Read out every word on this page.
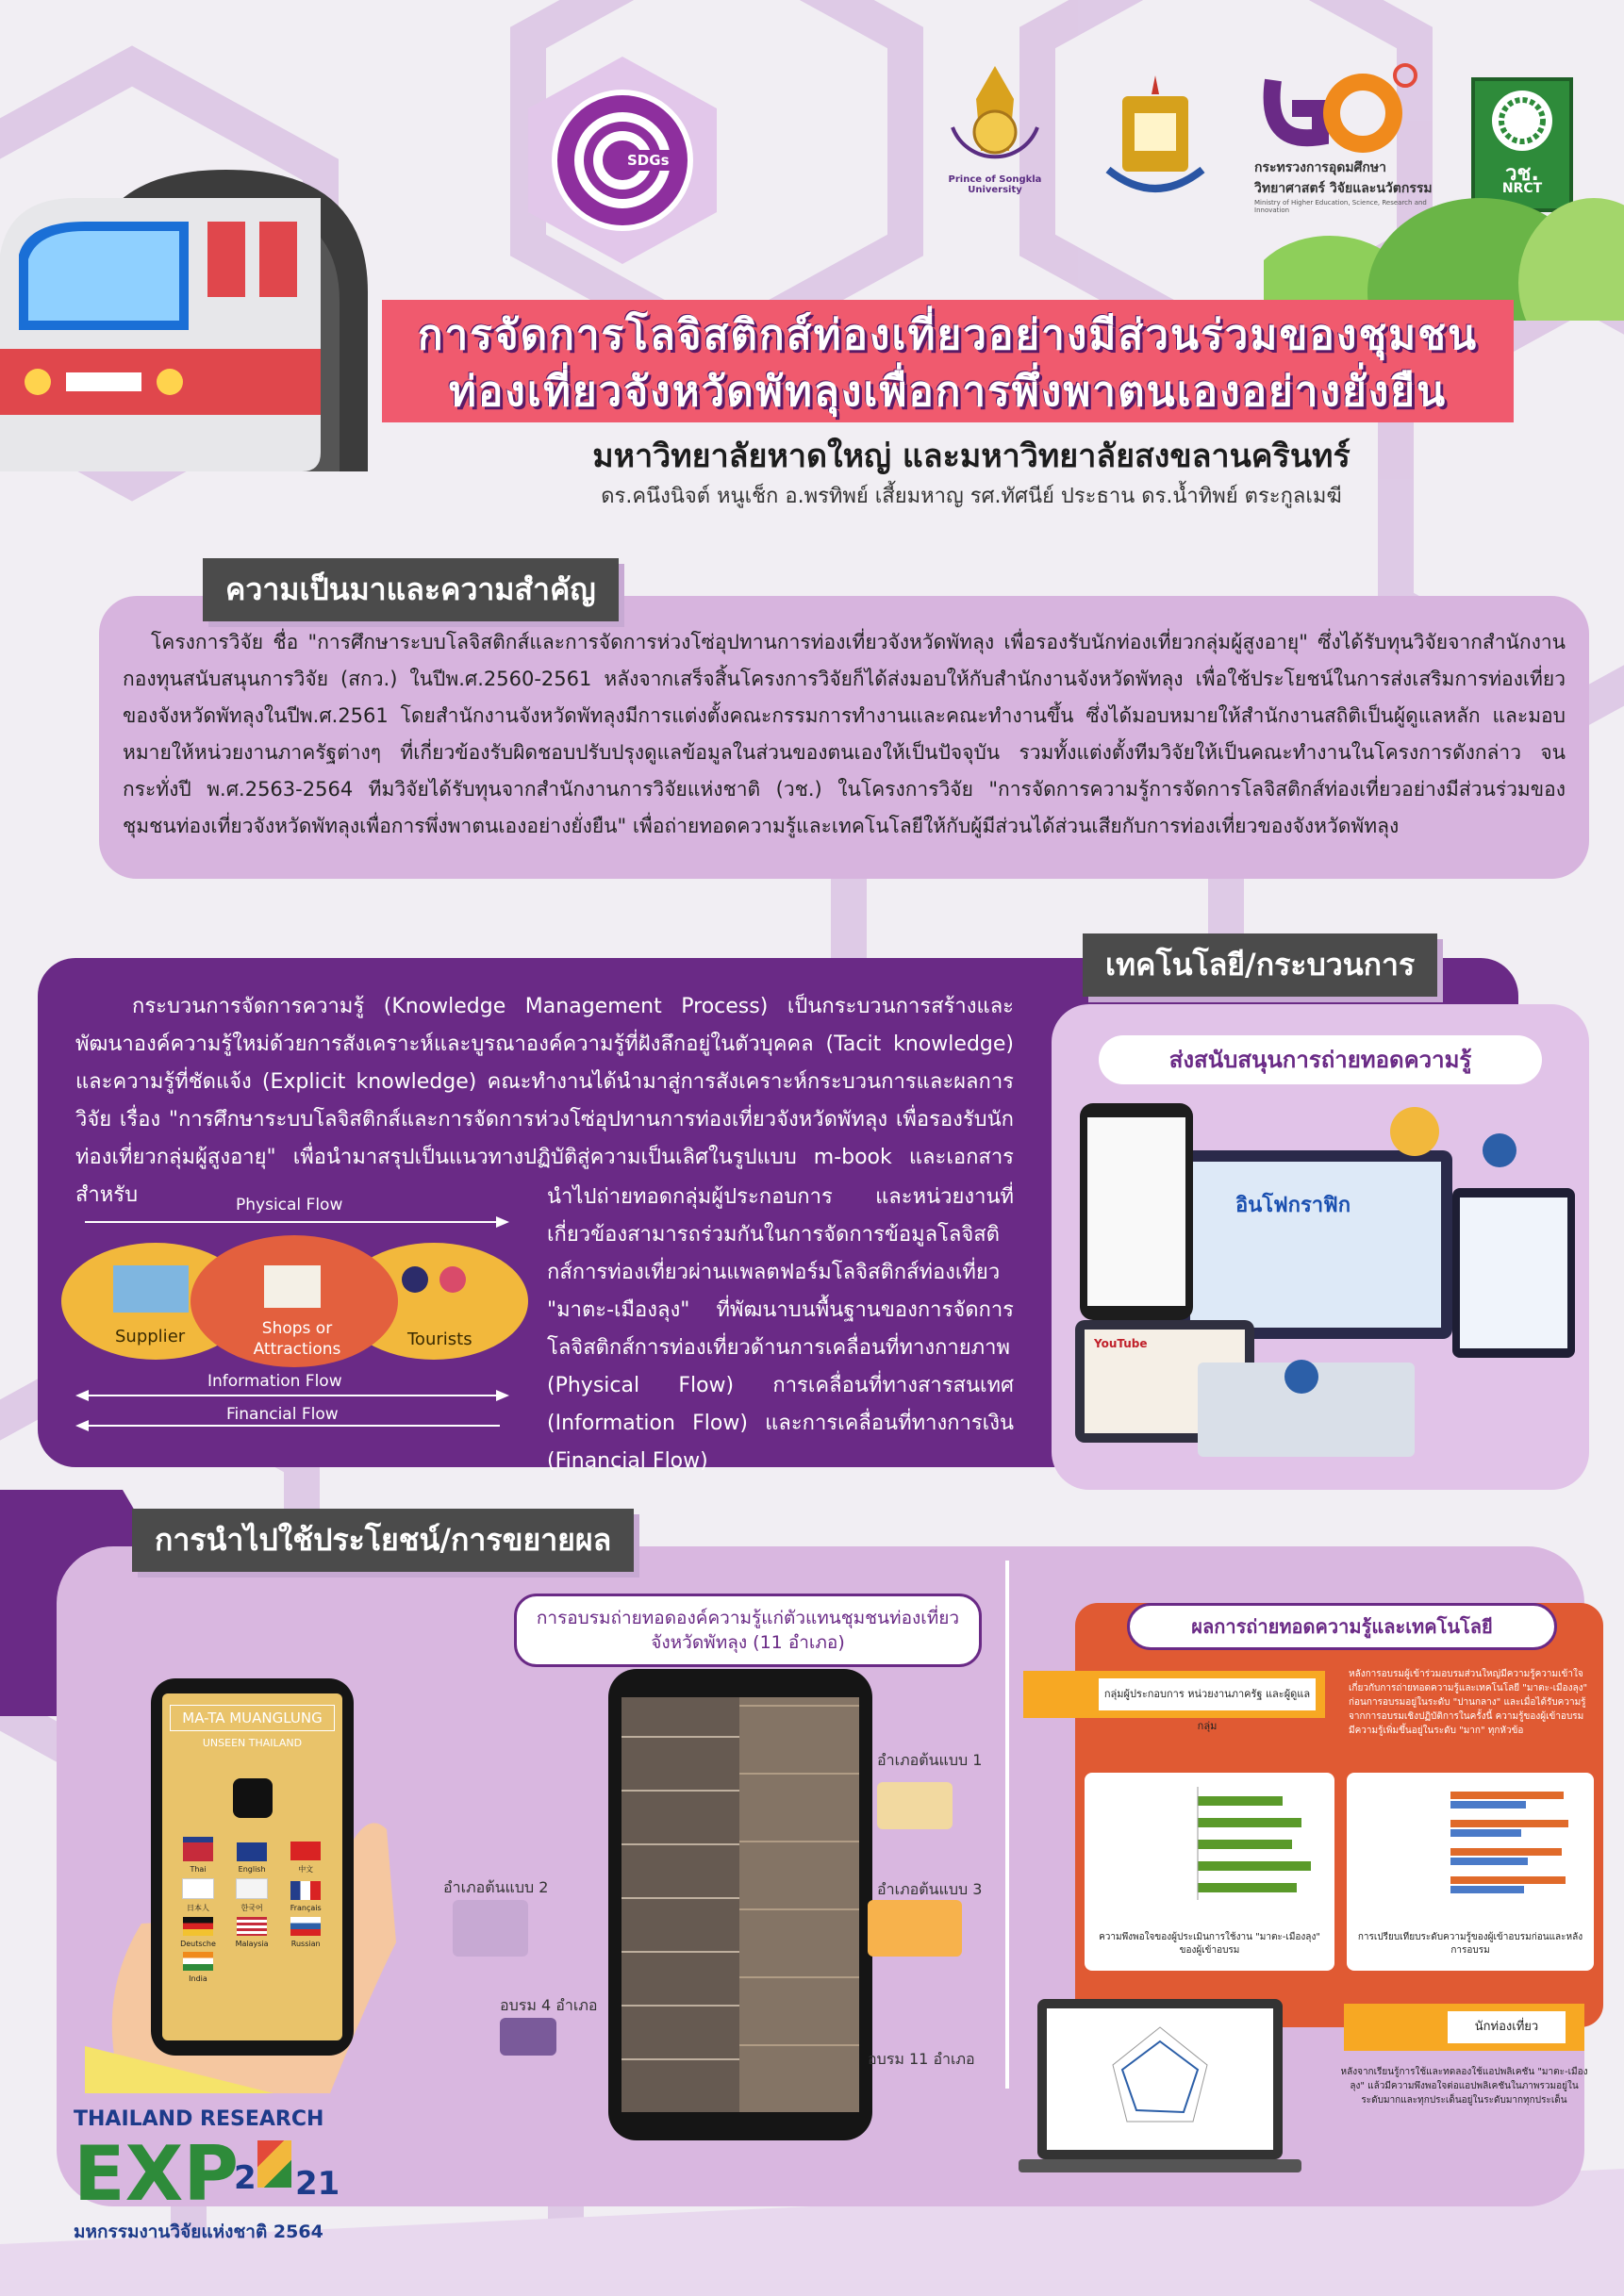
SDGs
Prince of Songkla University
กระทรวงการอุดมศึกษา
วิทยาศาสตร์ วิจัยและนวัตกรรม
Ministry of Higher Education, Science, Research and Innovation
วช.
NRCT
การจัดการโลจิสติกส์ท่องเที่ยวอย่างมีส่วนร่วมของชุมชน
ท่องเที่ยวจังหวัดพัทลุงเพื่อการพึ่งพาตนเองอย่างยั่งยืน
มหาวิทยาลัยหาดใหญ่ และมหาวิทยาลัยสงขลานครินทร์
ดร.คนึงนิจต์ หนูเช็ก อ.พรทิพย์ เสี้ยมหาญ รศ.ทัศนีย์ ประธาน ดร.น้ำทิพย์ ตระกูลเมฆี
ความเป็นมาและความสำคัญ
โครงการวิจัย ชื่อ "การศึกษาระบบโลจิสติกส์และการจัดการห่วงโซ่อุปทานการท่องเที่ยวจังหวัดพัทลุง เพื่อรองรับนักท่องเที่ยวกลุ่มผู้สูงอายุ" ซึ่งได้รับทุนวิจัยจากสำนักงานกองทุนสนับสนุนการวิจัย (สกว.) ในปีพ.ศ.2560-2561 หลังจากเสร็จสิ้นโครงการวิจัยก็ได้ส่งมอบให้กับสำนักงานจังหวัดพัทลุง เพื่อใช้ประโยชน์ในการส่งเสริมการท่องเที่ยวของจังหวัดพัทลุงในปีพ.ศ.2561 โดยสำนักงานจังหวัดพัทลุงมีการแต่งตั้งคณะกรรมการทำงานและคณะทำงานขึ้น ซึ่งได้มอบหมายให้สำนักงานสถิติเป็นผู้ดูแลหลัก และมอบหมายให้หน่วยงานภาครัฐต่างๆ ที่เกี่ยวข้องรับผิดชอบปรับปรุงดูแลข้อมูลในส่วนของตนเองให้เป็นปัจจุบัน รวมทั้งแต่งตั้งทีมวิจัยให้เป็นคณะทำงานในโครงการดังกล่าว จนกระทั่งปี พ.ศ.2563-2564 ทีมวิจัยได้รับทุนจากสำนักงานการวิจัยแห่งชาติ (วช.) ในโครงการวิจัย "การจัดการความรู้การจัดการโลจิสติกส์ท่องเที่ยวอย่างมีส่วนร่วมของชุมชนท่องเที่ยวจังหวัดพัทลุงเพื่อการพึ่งพาตนเองอย่างยั่งยืน" เพื่อถ่ายทอดความรู้และเทคโนโลยีให้กับผู้มีส่วนได้ส่วนเสียกับการท่องเที่ยวของจังหวัดพัทลุง
เทคโนโลยี/กระบวนการ
กระบวนการจัดการความรู้ (Knowledge Management Process) เป็นกระบวนการสร้างและพัฒนาองค์ความรู้ใหม่ด้วยการสังเคราะห์และบูรณาองค์ความรู้ที่ฝังลึกอยู่ในตัวบุคคล (Tacit knowledge) และความรู้ที่ชัดแจ้ง (Explicit knowledge) คณะทำงานได้นำมาสู่การสังเคราะห์กระบวนการและผลการวิจัย เรื่อง "การศึกษาระบบโลจิสติกส์และการจัดการห่วงโซ่อุปทานการท่องเที่ยวจังหวัดพัทลุง เพื่อรองรับนักท่องเที่ยวกลุ่มผู้สูงอายุ" เพื่อนำมาสรุปเป็นแนวทางปฏิบัติสู่ความเป็นเลิศในรูปแบบ m-book และเอกสารสำหรับ	นำไปถ่ายทอดกลุ่มผู้ประกอบการ และหน่วยงานที่เกี่ยวข้องสามารถร่วมกันในการจัดการข้อมูลโลจิสติกส์การท่องเที่ยวผ่านแพลตฟอร์มโลจิสติกส์ท่องเที่ยว "มาตะ-เมืองลุง" ที่พัฒนาบนพื้นฐานของการจัดการโลจิสติกส์การท่องเที่ยวด้านการเคลื่อนที่ทางกายภาพ (Physical Flow) การเคลื่อนที่ทางสารสนเทศ (Information Flow) และการเคลื่อนที่ทางการเงิน (Financial Flow)
Physical Flow
Supplier	Shops or Attractions	Tourists
Information Flow
Financial Flow
ส่งสนับสนุนการถ่ายทอดความรู้
อินโฟกราฟิก
YouTube
การนำไปใช้ประโยชน์/การขยายผล
MA-TA MUANGLUNG
UNSEEN THAILAND
Thai
	English
	中文

日本人
	한국어
	Français

Deutsche
	Malaysia
	Russian

India
การอบรมถ่ายทอดองค์ความรู้แก่ตัวแทนชุมชนท่องเที่ยวจังหวัดพัทลุง (11 อำเภอ)
อำเภอต้นแบบ 1
อำเภอต้นแบบ 2	อำเภอต้นแบบ 3
อบรม 4 อำเภอ
อบรม 11 อำเภอ
ผลการถ่ายทอดความรู้และเทคโนโลยี
กลุ่มผู้ประกอบการ หน่วยงานภาครัฐ และผู้ดูแลกลุ่ม
หลังการอบรมผู้เข้าร่วมอบรมส่วนใหญ่มีความรู้ความเข้าใจเกี่ยวกับการถ่ายทอดความรู้และเทคโนโลยี "มาตะ-เมืองลุง" ก่อนการอบรมอยู่ในระดับ "ปานกลาง" และเมื่อได้รับความรู้จากการอบรมเชิงปฏิบัติการในครั้งนี้ ความรู้ของผู้เข้าอบรม มีความรู้เพิ่มขึ้นอยู่ในระดับ "มาก" ทุกหัวข้อ
ความพึงพอใจของผู้ประเมินการใช้งาน "มาตะ-เมืองลุง" ของผู้เข้าอบรม
การเปรียบเทียบระดับความรู้ของผู้เข้าอบรมก่อนและหลังการอบรม
นักท่องเที่ยว
หลังจากเรียนรู้การใช้และทดลองใช้แอปพลิเคชัน "มาตะ-เมืองลุง" แล้วมีความพึงพอใจต่อแอปพลิเคชันในภาพรวมอยู่ในระดับมากและทุกประเด็นอยู่ในระดับมากทุกประเด็น
THAILAND RESEARCH
EXP
2 21
มหกรรมงานวิจัยแห่งชาติ 2564
